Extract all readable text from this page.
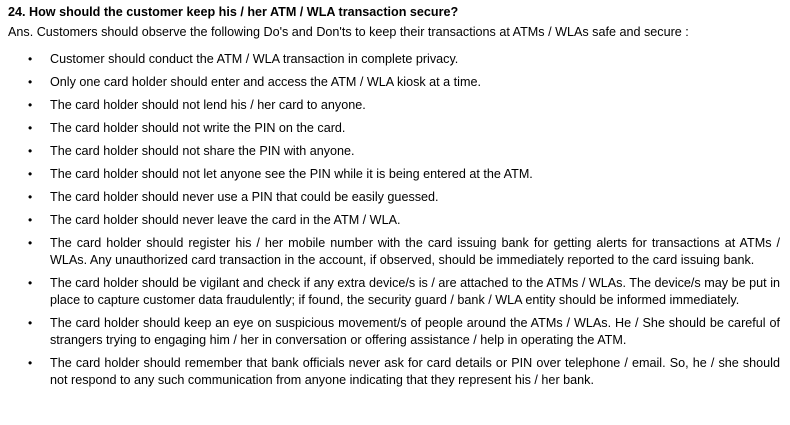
24. How should the customer keep his / her ATM / WLA transaction secure?

Ans. Customers should observe the following Do's and Don'ts to keep their transactions at ATMs / WLAs safe and secure :

• Customer should conduct the ATM / WLA transaction in complete privacy.
• Only one card holder should enter and access the ATM / WLA kiosk at a time.
• The card holder should not lend his / her card to anyone.
• The card holder should not write the PIN on the card.
• The card holder should not share the PIN with anyone.
• The card holder should not let anyone see the PIN while it is being entered at the ATM.
• The card holder should never use a PIN that could be easily guessed.
• The card holder should never leave the card in the ATM / WLA.
• The card holder should register his / her mobile number with the card issuing bank for getting alerts for transactions at ATMs / WLAs. Any unauthorized card transaction in the account, if observed, should be immediately reported to the card issuing bank.
• The card holder should be vigilant and check if any extra device/s is / are attached to the ATMs / WLAs. The device/s may be put in place to capture customer data fraudulently; if found, the security guard / bank / WLA entity should be informed immediately.
• The card holder should keep an eye on suspicious movement/s of people around the ATMs / WLAs. He / She should be careful of strangers trying to engaging him / her in conversation or offering assistance / help in operating the ATM.
• The card holder should remember that bank officials never ask for card details or PIN over telephone / email. So, he / she should not respond to any such communication from anyone indicating that they represent his / her bank.
